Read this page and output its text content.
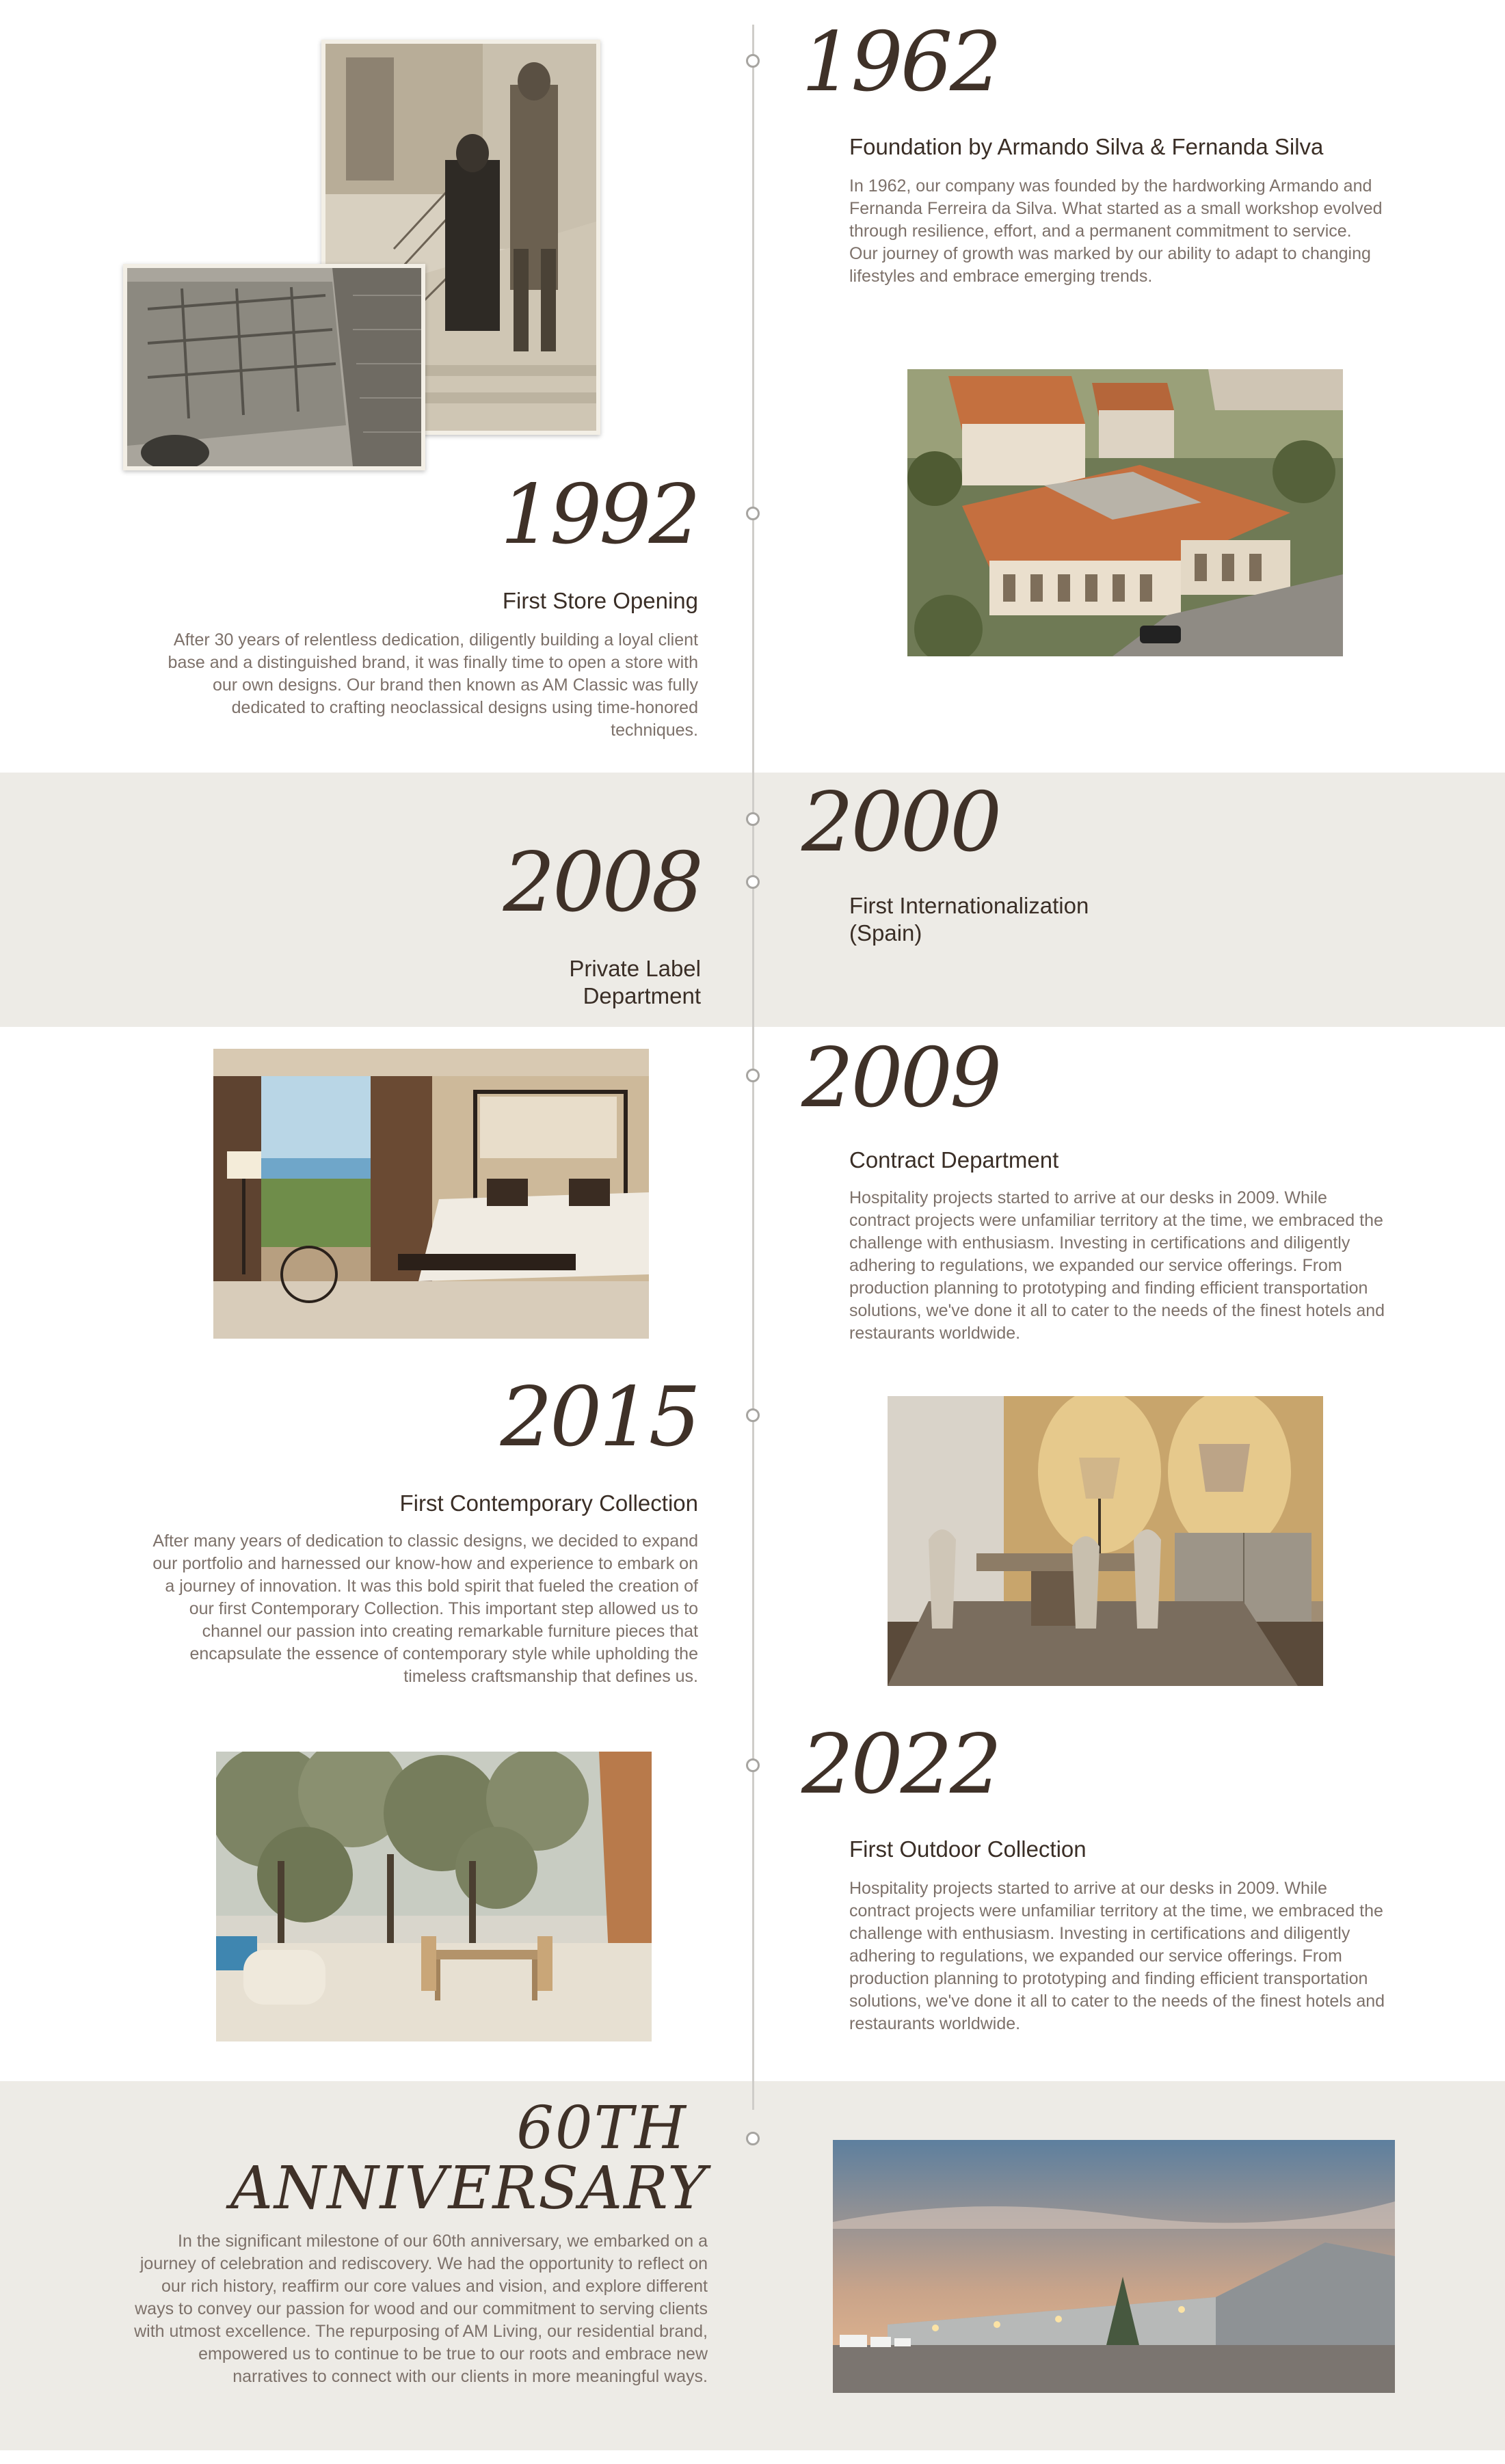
1962
Foundation by Armando Silva & Fernanda Silva
In 1962, our company was founded by the hardworking Armando and Fernanda Ferreira da Silva. What started as a small workshop evolved through resilience, effort, and a permanent commitment to service. Our journey of growth was marked by our ability to adapt to changing lifestyles and embrace emerging trends.
1992
First Store Opening
After 30 years of relentless dedication, diligently building a loyal client base and a distinguished brand, it was finally time to open a store with our own designs. Our brand then known as AM Classic was fully dedicated to crafting neoclassical designs using time-honored techniques.
2000
First Internationalization
(Spain)
2008
Private Label
Department
2009
Contract Department
Hospitality projects started to arrive at our desks in 2009. While contract projects were unfamiliar territory at the time, we embraced the challenge with enthusiasm. Investing in certifications and diligently adhering to regulations, we expanded our service offerings. From production planning to prototyping and finding efficient transportation solutions, we've done it all to cater to the needs of the finest hotels and restaurants worldwide.
2015
First Contemporary Collection
After many years of dedication to classic designs, we decided to expand our portfolio and harnessed our know-how and experience to embark on a journey of innovation. It was this bold spirit that fueled the creation of our first Contemporary Collection. This important step allowed us to channel our passion into creating remarkable furniture pieces that encapsulate the essence of contemporary style while upholding the timeless craftsmanship that defines us.
2022
First Outdoor Collection
Hospitality projects started to arrive at our desks in 2009. While contract projects were unfamiliar territory at the time, we embraced the challenge with enthusiasm. Investing in certifications and diligently adhering to regulations, we expanded our service offerings. From production planning to prototyping and finding efficient transportation solutions, we've done it all to cater to the needs of the finest hotels and restaurants worldwide.
60TH
ANNIVERSARY
In the significant milestone of our 60th anniversary, we embarked on a journey of celebration and rediscovery. We had the opportunity to reflect on our rich history, reaffirm our core values and vision, and explore different ways to convey our passion for wood and our commitment to serving clients with utmost excellence. The repurposing of AM Living, our residential brand, empowered us to continue to be true to our roots and embrace new narratives to connect with our clients in more meaningful ways.
